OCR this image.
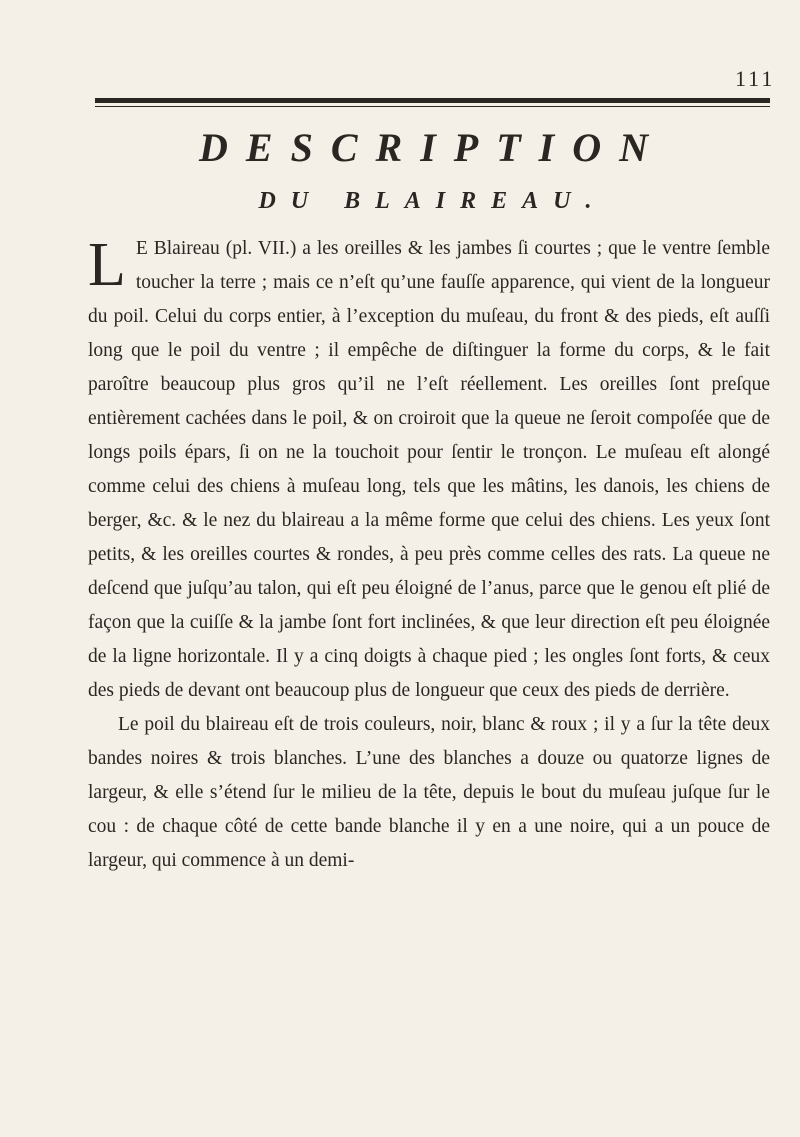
111
DESCRIPTION
DU BLAIREAU.

L E Blaireau (pl. VII.) a les oreilles & les jambes ſi courtes ; que le ventre ſemble toucher la terre ; mais ce n’eſt qu’une fauſſe apparence, qui vient de la longueur du poil. Celui du corps entier, à l’exception du muſeau, du front & des pieds, eſt auſſi long que le poil du ventre ; il empêche de diſtinguer la forme du corps, & le fait paroître beaucoup plus gros qu’il ne l’eſt réellement. Les oreilles ſont preſque entièrement cachées dans le poil, & on croiroit que la queue ne ſeroit compoſée que de longs poils épars, ſi on ne la touchoit pour ſentir le tronçon. Le muſeau eſt alongé comme celui des chiens à muſeau long, tels que les mâtins, les danois, les chiens de berger, &c. & le nez du blaireau a la même forme que celui des chiens. Les yeux ſont petits, & les oreilles courtes & rondes, à peu près comme celles des rats. La queue ne deſcend que juſqu’au talon, qui eſt peu éloigné de l’anus, parce que le genou eſt plié de façon que la cuiſſe & la jambe ſont fort inclinées, & que leur direction eſt peu éloignée de la ligne horizontale. Il y a cinq doigts à chaque pied ; les ongles ſont forts, & ceux des pieds de devant ont beaucoup plus de longueur que ceux des pieds de derrière.

Le poil du blaireau eſt de trois couleurs, noir, blanc & roux ; il y a ſur la tête deux bandes noires & trois blanches. L’une des blanches a douze ou quatorze lignes de largeur, & elle s’étend ſur le milieu de la tête, depuis le bout du muſeau juſque ſur le cou : de chaque côté de cette bande blanche il y en a une noire, qui a un pouce de largeur, qui commence à un demi-
